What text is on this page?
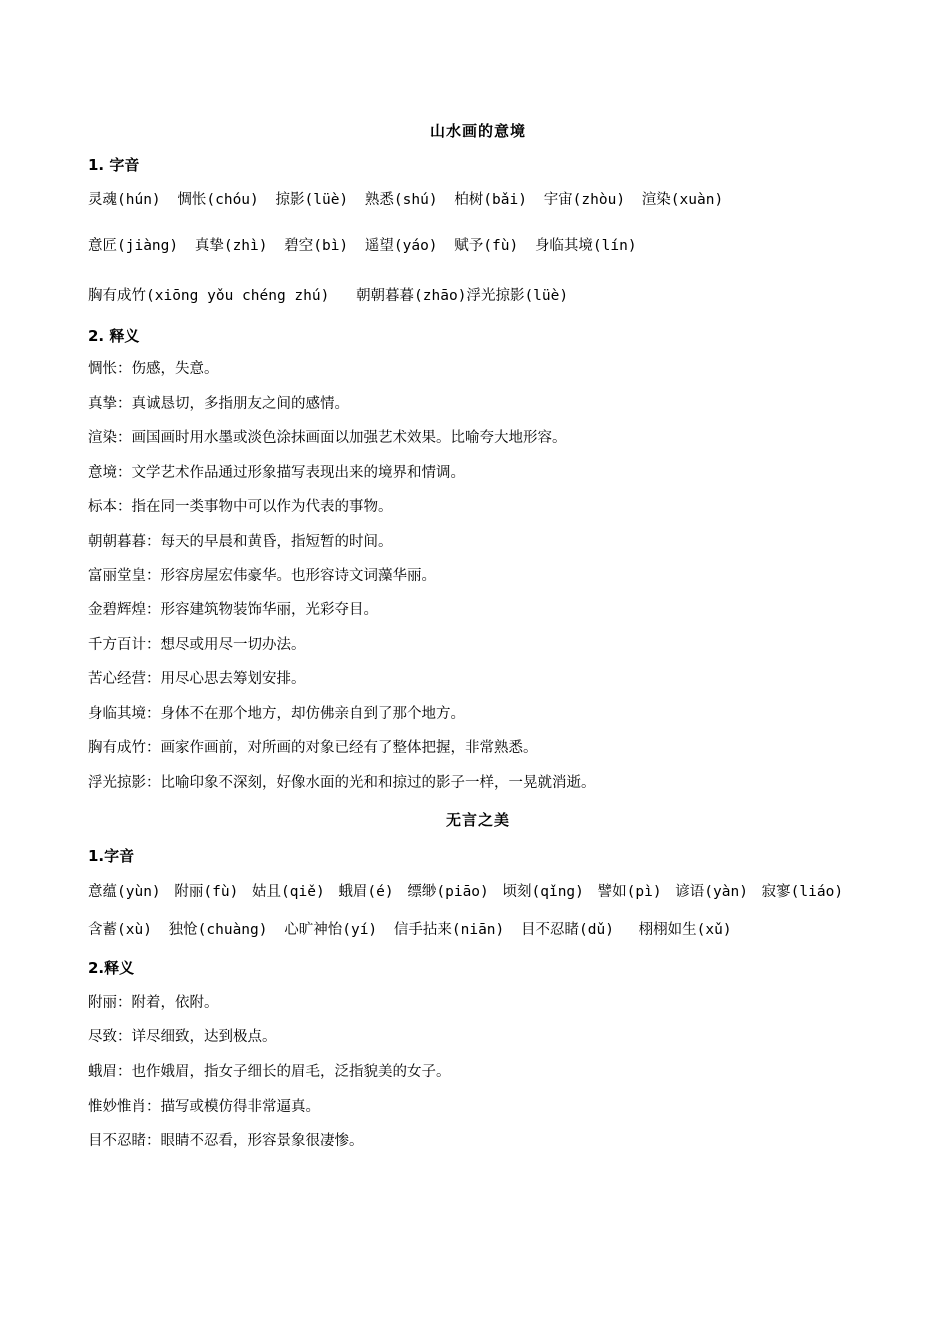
山水画的意境
1. 字音
灵魂(hún) 惆怅(chóu) 掠影(lüè) 熟悉(shú) 柏树(bǎi) 宇宙(zhòu) 渲染(xuàn)
意匠(jiàng) 真挚(zhì) 碧空(bì) 遥望(yáo) 赋予(fù) 身临其境(lín)
胸有成竹(xiōng yǒu chéng zhú) 朝朝暮暮(zhāo)浮光掠影(lüè)
2. 释义
惆怅：伤感，失意。
真挚：真诚恳切，多指朋友之间的感情。
渲染：画国画时用水墨或淡色涂抹画面以加强艺术效果。比喻夸大地形容。
意境：文学艺术作品通过形象描写表现出来的境界和情调。
标本：指在同一类事物中可以作为代表的事物。
朝朝暮暮：每天的早晨和黄昏，指短暂的时间。
富丽堂皇：形容房屋宏伟豪华。也形容诗文词藻华丽。
金碧辉煌：形容建筑物装饰华丽，光彩夺目。
千方百计：想尽或用尽一切办法。
苦心经营：用尽心思去筹划安排。
身临其境：身体不在那个地方，却仿佛亲自到了那个地方。
胸有成竹：画家作画前，对所画的对象已经有了整体把握，非常熟悉。
浮光掠影：比喻印象不深刻，好像水面的光和和掠过的影子一样，一晃就消逝。
无言之美
1.字音
意蕴(yùn) 附丽(fù) 姑且(qiě) 蛾眉(é) 缥缈(piāo) 顷刻(qǐng) 譬如(pì) 谚语(yàn) 寂寥(liáo)
含蓄(xù) 独怆(chuàng) 心旷神怡(yí) 信手拈来(niān) 目不忍睹(dǔ) 栩栩如生(xǔ)
2.释义
附丽：附着，依附。
尽致：详尽细致，达到极点。
蛾眉：也作娥眉，指女子细长的眉毛，泛指貌美的女子。
惟妙惟肖：描写或模仿得非常逼真。
目不忍睹：眼睛不忍看，形容景象很凄惨。
